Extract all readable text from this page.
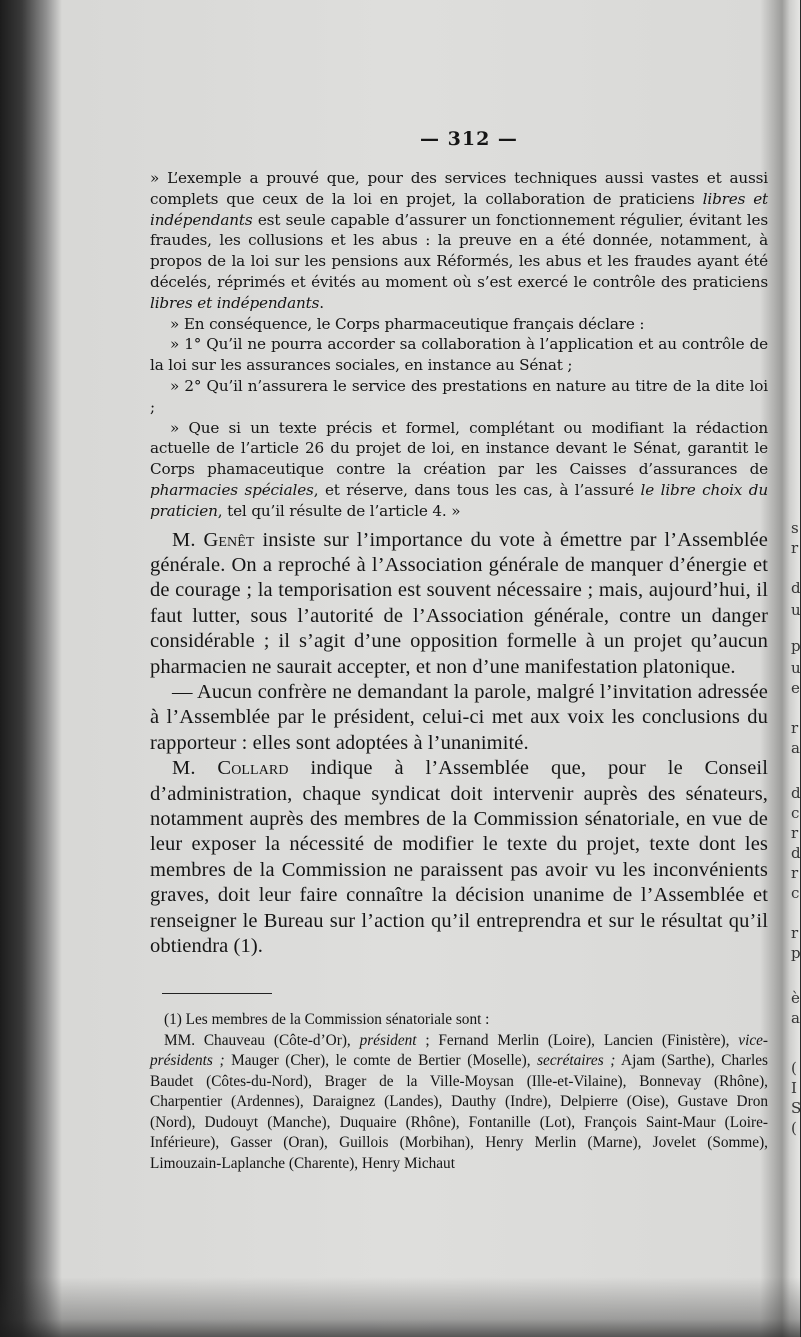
— 312 —

» L’exemple a prouvé que, pour des services techniques aussi vastes et aussi complets que ceux de la loi en projet, la collaboration de praticiens libres et indépendants est seule capable d’assurer un fonctionnement régulier, évitant les fraudes, les collusions et les abus : la preuve en a été donnée, notamment, à propos de la loi sur les pensions aux Réformés, les abus et les fraudes ayant été décelés, réprimés et évités au moment où s’est exercé le contrôle des praticiens libres et indépendants.

» En conséquence, le Corps pharmaceutique français déclare :

» 1° Qu’il ne pourra accorder sa collaboration à l’application et au contrôle de la loi sur les assurances sociales, en instance au Sénat ;

» 2° Qu’il n’assurera le service des prestations en nature au titre de la dite loi ;

» Que si un texte précis et formel, complétant ou modifiant la rédaction actuelle de l’article 26 du projet de loi, en instance devant le Sénat, garantit le Corps phamaceutique contre la création par les Caisses d’assurances de pharmacies spéciales, et réserve, dans tous les cas, à l’assuré le libre choix du praticien, tel qu’il résulte de l’article 4. »

M. Genêt insiste sur l’importance du vote à émettre par l’Assemblée générale. On a reproché à l’Association générale de manquer d’énergie et de courage ; la temporisation est souvent nécessaire ; mais, aujourd’hui, il faut lutter, sous l’autorité de l’Association générale, contre un danger considérable ; il s’agit d’une opposition formelle à un projet qu’aucun pharmacien ne saurait accepter, et non d’une manifestation platonique.

— Aucun confrère ne demandant la parole, malgré l’invitation adressée à l’Assemblée par le président, celui-ci met aux voix les conclusions du rapporteur : elles sont adoptées à l’unanimité.

M. Collard indique à l’Assemblée que, pour le Conseil d’administration, chaque syndicat doit intervenir auprès des sénateurs, notamment auprès des membres de la Commission sénatoriale, en vue de leur exposer la nécessité de modifier le texte du projet, texte dont les membres de la Commission ne paraissent pas avoir vu les inconvénients graves, doit leur faire connaître la décision unanime de l’Assemblée et renseigner le Bureau sur l’action qu’il entreprendra et sur le résultat qu’il obtiendra (1).

(1) Les membres de la Commission sénatoriale sont :

MM. Chauveau (Côte-d’Or), président ; Fernand Merlin (Loire), Lancien (Finistère), vice-présidents ; Mauger (Cher), le comte de Bertier (Moselle), secrétaires ; Ajam (Sarthe), Charles Baudet (Côtes-du-Nord), Brager de la Ville-Moysan (Ille-et-Vilaine), Bonnevay (Rhône), Charpentier (Ardennes), Daraignez (Landes), Dauthy (Indre), Delpierre (Oise), Gustave Dron (Nord), Dudouyt (Manche), Duquaire (Rhône), Fontanille (Lot), François Saint-Maur (Loire-Inférieure), Gasser (Oran), Guillois (Morbihan), Henry Merlin (Marne), Jovelet (Somme), Limouzain-Laplanche (Charente), Henry Michaut

s
r
d
u
p
u
e
r
a
d
c
r
d
r
c
r
p
è
a
(
I
S
(
